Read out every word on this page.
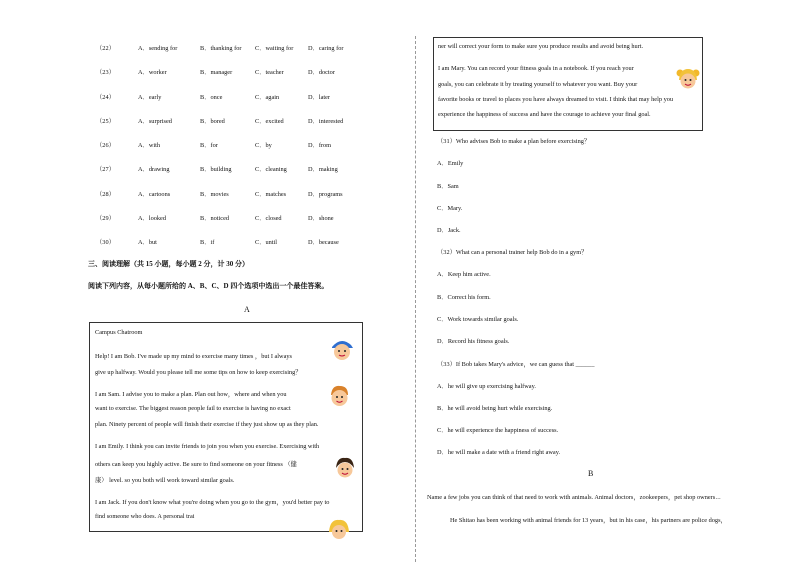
（22）	A．sending for	B．thanking for C．waiting for D．caring for
（23）	A．worker	B．manager	C．teacher	D．doctor
（24）	A．early	B．once	C．again	D．later
（25）	A．surprised	B．bored	C．excited	D．interested
（26）	A．with	B．for	C．by	D．from
（27）	A．drawing	B．building	C．cleaning	D．making
（28）	A．cartoons	B．movies	C．matches	D．programs
（29）	A．looked	B．noticed	C．closed	D．shone
（30）	A．but	B．if	C．until	D．because
三、阅读理解（共 15 小题，每小题 2 分，计 30 分）
阅读下列内容，从每小题所给的 A、B、C、D 四个选项中选出一个最佳答案。
A
Campus Chatroom
Help! I am Bob. I've made up my mind to exercise many times ，but I always
give up halfway. Would you please tell me some tips on how to keep exercising？
I am Sam. I advise you to make a plan. Plan out how，where and when you
want to exercise. The biggest reason people fail to exercise is having no exact
plan. Ninety percent of people will finish their exercise if they just show up as they plan.
I am Emily. I think you can invite friends to join you when you exercise. Exercising with
others can keep you highly active. Be sure to find someone on your fitness （健
康） level. so you both will work toward similar goals.
I am Jack. If you don't know what you're doing when you go to the gym，you'd better pay to
find someone who does. A personal trai
ner will correct your form to make sure you produce results and avoid being hurt.
I am Mary. You can record your fitness goals in a notebook. If you reach your
goals, you can celebrate it by treating yourself to whatever you want. Buy your
favorite books or travel to places you have always dreamed to visit. I think that may help you
experience the happiness of success and have the courage to achieve your final goal.
（31）Who advises Bob to make a plan before exercising？
A．Emily
B．Sam
C．Mary.
D．Jack.
（32）What can a personal trainer help Bob do in a gym？
A．Keep him active.
B．Correct his form.
C．Work towards similar goals.
D．Record his fitness goals.
（33）If Bob takes Mary's advice，we can guess that ______
A．he will give up exercising halfway.
B．he will avoid being hurt while exercising.
C．he will experience the happiness of success.
D．he will make a date with a friend right away.
B
Name a few jobs you can think of that need to work with animals. Animal doctors，zookeepers，pet shop owners⋯
He Shitao has been working with animal friends for 13 years，but in his case，his partners are police dogs，
